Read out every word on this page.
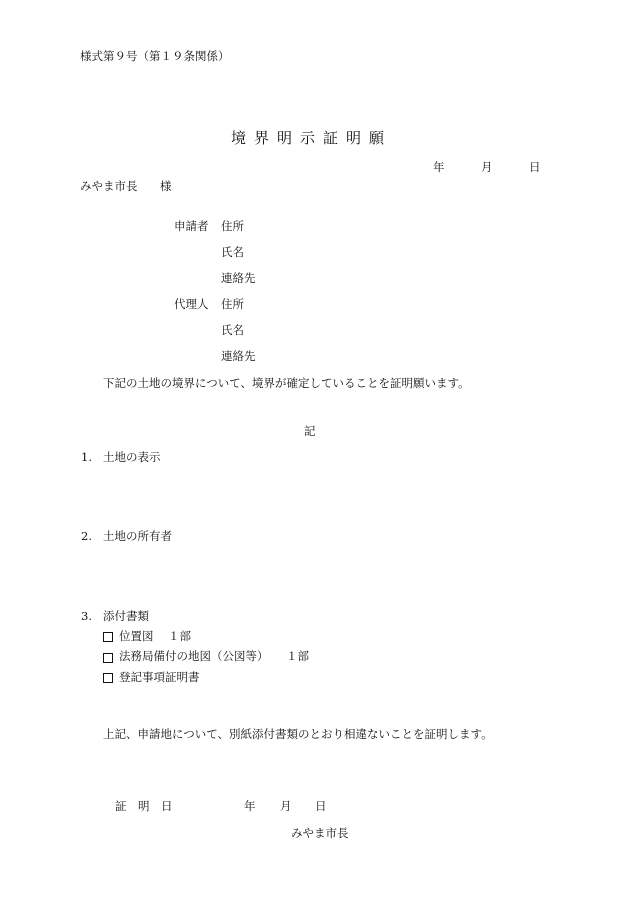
様式第９号（第１９条関係）
境界明示証明願
年	月	日
みやま市長 様
申請者 住所
氏名
連絡先
代理人 住所
氏名
連絡先
下記の土地の境界について、境界が確定していることを証明願います。
記
1. 土地の表示
2. 土地の所有者
3. 添付書類
位置図 １部
法務局備付の地図（公図等） １部
登記事項証明書
上記、申請地について、別紙添付書類のとおり相違ないことを証明します。
証　明　日	年 月 日
みやま市長
